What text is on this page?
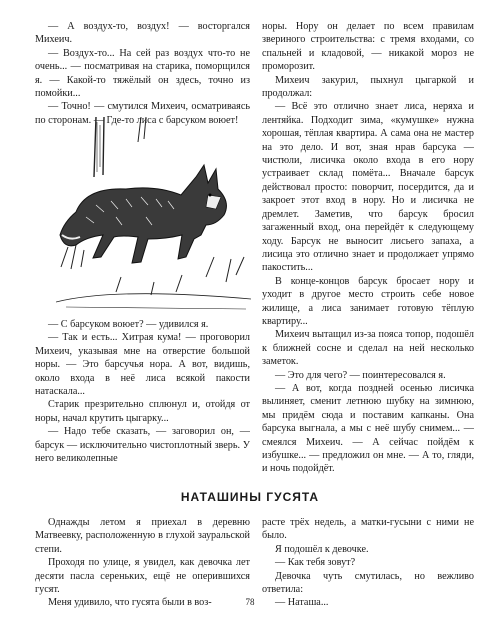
— А воздух-то, воздух! — восторгался Михеич.

— Воздух-то... На сей раз воздух что-то не очень... — посматривая на старика, поморщился я. — Какой-то тяжёлый он здесь, точно из помойки...

— Точно! — смутился Михеич, осматриваясь по сторонам. — Где-то лиса с барсуком воюет!

норы. Нору он делает по всем правилам звериного строительства: с тремя входами, со спальней и кладовой, — никакой мороз не проморозит.

Михеич закурил, пыхнул цыгаркой и продолжал:

— Всё это отлично знает лиса, неряха и лентяйка. Подходит зима, «кумушке» нужна хорошая, тёплая квартира. А сама она не мастер на это дело. И вот, зная нрав барсука — чистюли, лисичка около входа в его нору устраивает склад помёта... Вначале барсук действовал просто: поворчит, посердится, да и закроет этот вход в нору. Но и лисичка не дремлет. Заметив, что барсук бросил загаженный вход, она перейдёт к следующему ходу. Барсук не выносит лисьего запаха, а лисица это отлично знает и продолжает упрямо пакостить...

В конце-концов барсук бросает нору и уходит в другое место строить себе новое жилище, а лиса занимает готовую тёплую квартиру...

Михеич вытащил из-за пояса топор, подошёл к ближней сосне и сделал на ней несколько заметок.

— Это для чего? — поинтересовался я.

— А вот, когда поздней осенью лисичка вылиняет, сменит летнюю шубку на зимнюю, мы придём сюда и поставим капканы. Она барсука выгнала, а мы с неё шубу снимем... — смеялся Михеич. — А сейчас пойдём к избушке... — предложил он мне. — А то, гляди, и ночь подойдёт.

— С барсуком воюет? — удивился я.

— Так и есть... Хитрая кума! — проговорил Михеич, указывая мне на отверстие большой норы. — Это барсучья нора. А вот, видишь, около входа в неё лиса всякой пакости натаскала...

Старик презрительно сплюнул и, отойдя от норы, начал крутить цыгарку...

— Надо тебе сказать, — заговорил он, — барсук — исключительно чистоплотный зверь. У него великолепные

НАТАШИНЫ ГУСЯТА

Однажды летом я приехал в деревню Матвеевку, расположенную в глухой зауральской степи.

Проходя по улице, я увидел, как девочка лет десяти пасла сереньких, ещё не оперившихся гусят.

Меня удивило, что гусята были в воз-

расте трёх недель, а матки-гусыни с ними не было.

Я подошёл к девочке.

— Как тебя зовут?

Девочка чуть смутилась, но вежливо ответила:

— Наташа...

78
